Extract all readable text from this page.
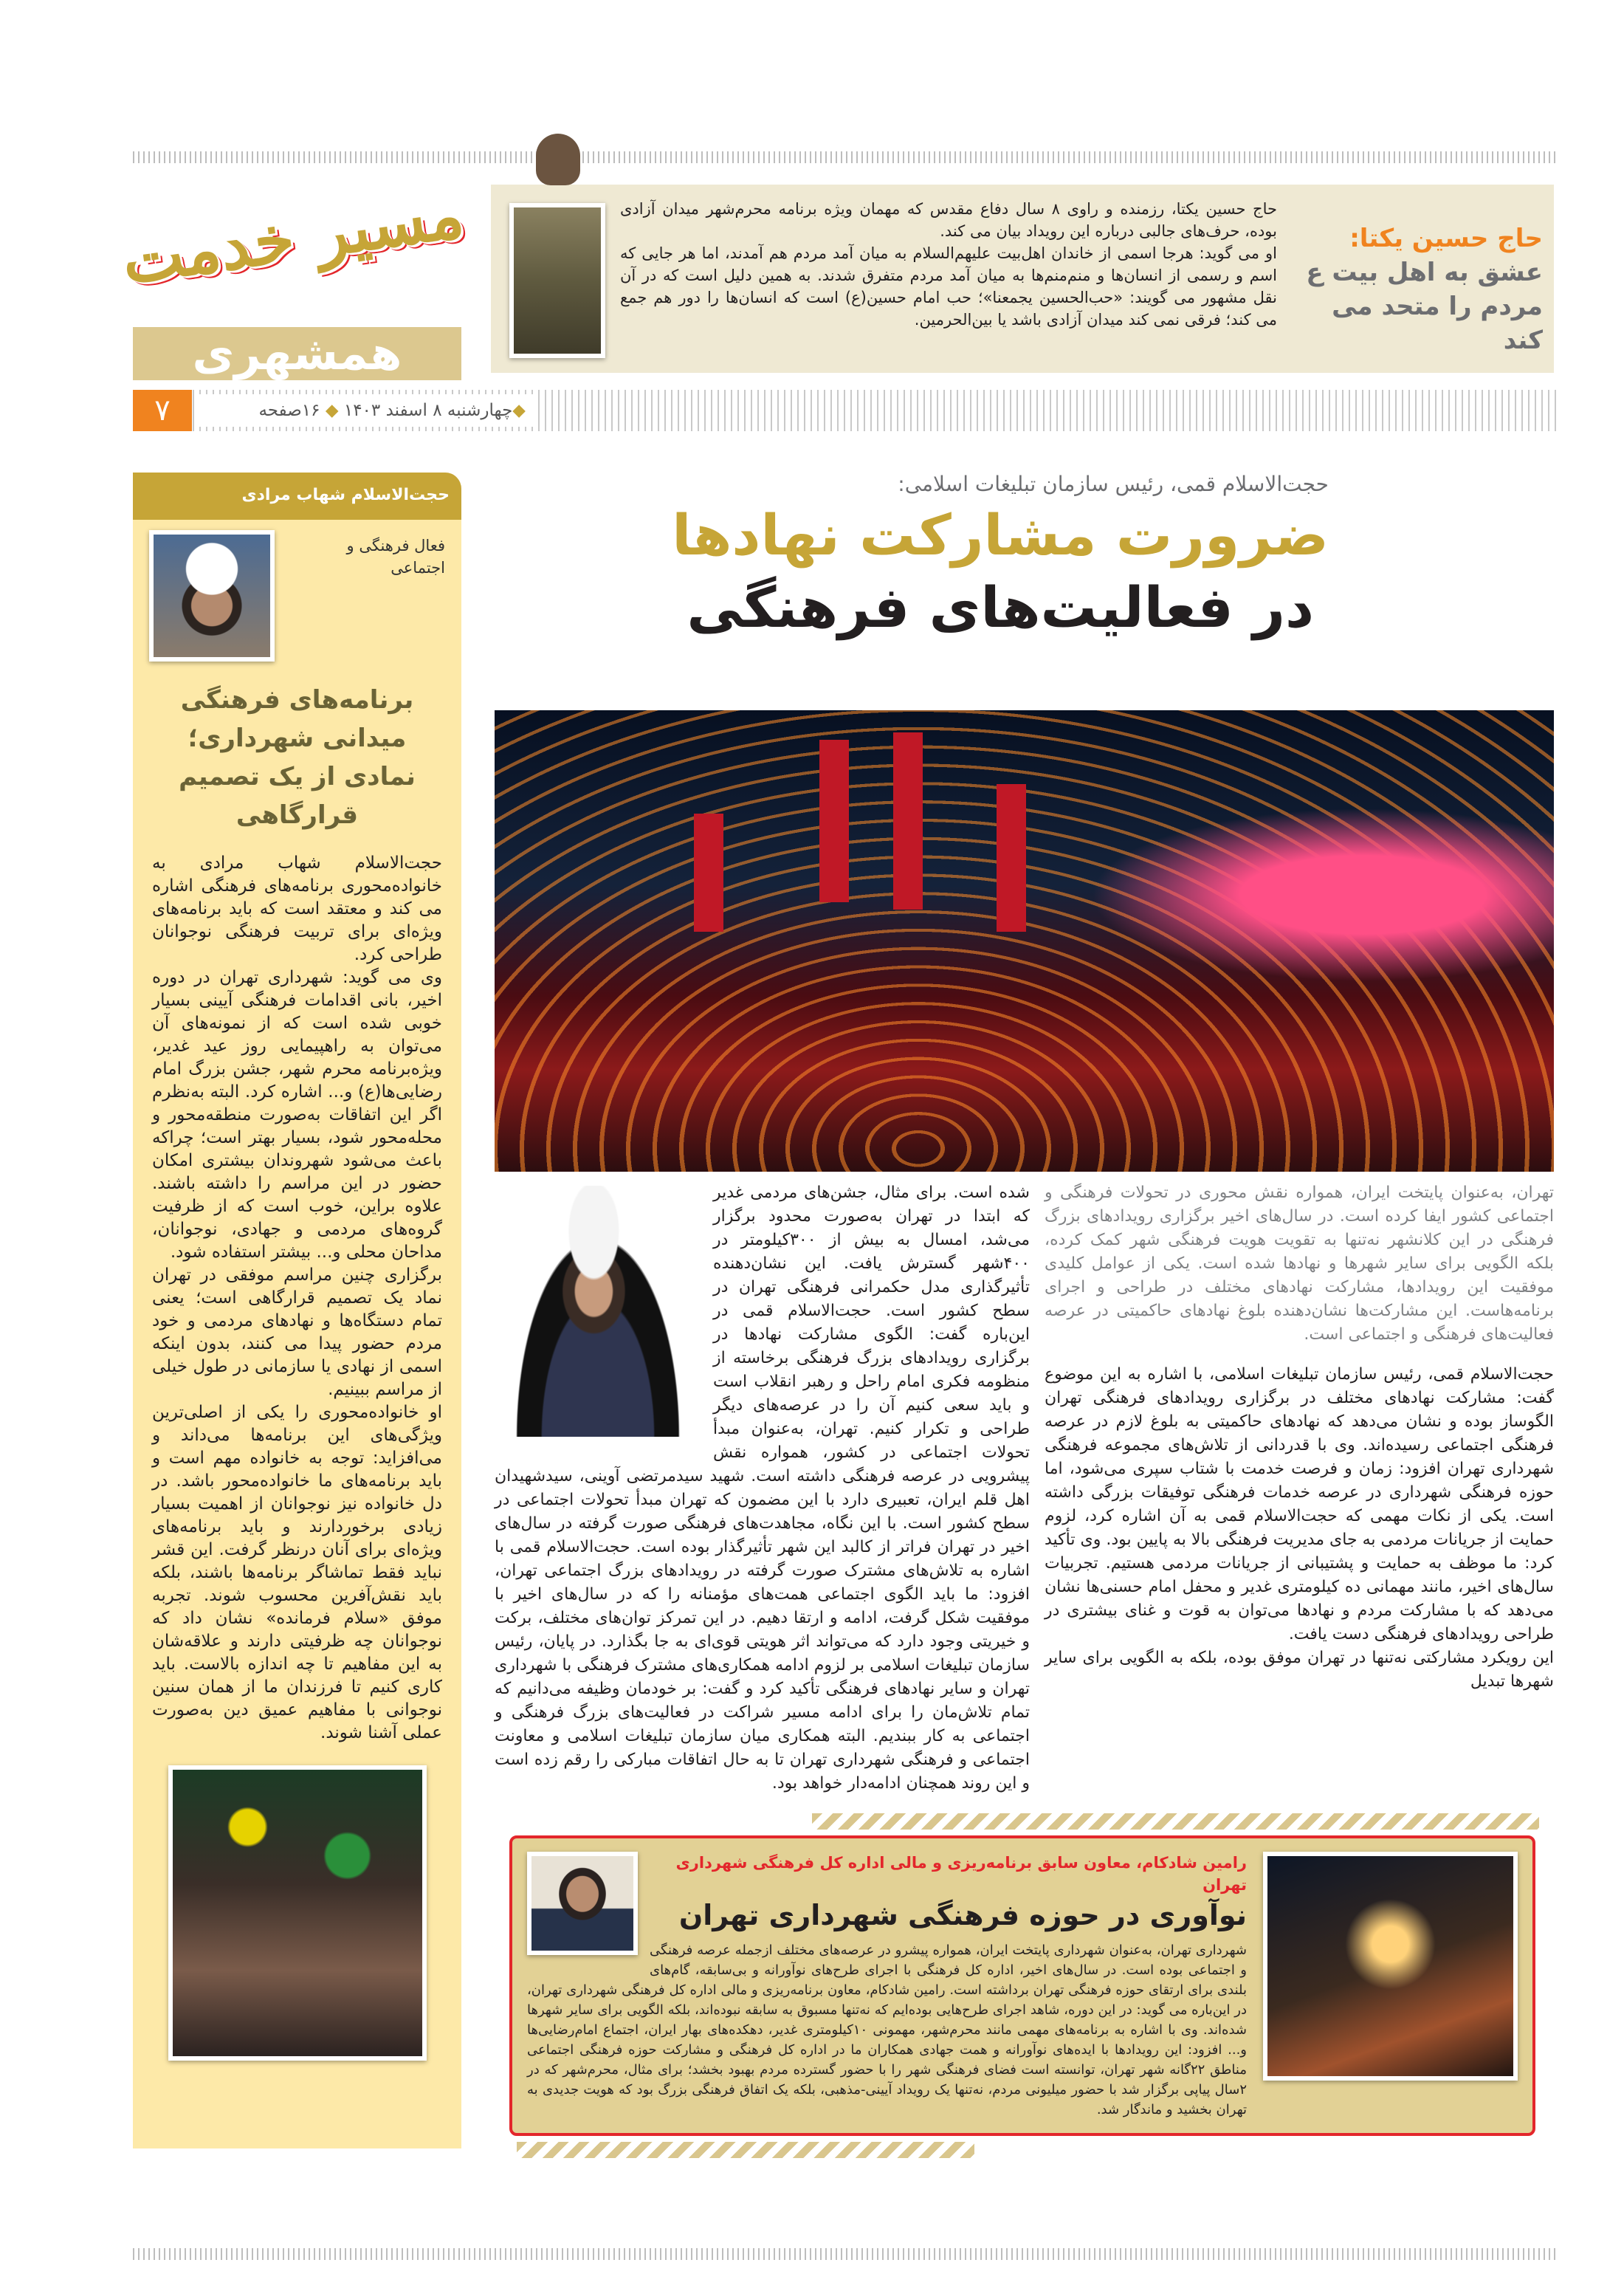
مسیر خدمت
همشهری
۷	◆چهارشنبه ۸ اسفند ۱۴۰۳ ◆ ۱۶صفحه

حاج حسین یکتا، رزمنده و راوی ۸ سال دفاع مقدس که مهمان ویژه برنامه محرم‌شهر میدان آزادی بوده، حرف‌های جالبی درباره این رویداد بیان می کند.

او می گوید: هرجا اسمی از خاندان اهل‌بیت علیهم‌السلام به میان آمد مردم هم آمدند، اما هر جایی که اسم و رسمی از انسان‌ها و منم‌منم‌ها به میان آمد مردم متفرق شدند. به همین دلیل است که در آن نقل مشهور می گویند: «حب‌الحسین یجمعنا»؛ حب امام حسین(ع) است که انسان‌ها را دور هم جمع می کند؛ فرقی نمی کند میدان آزادی باشد یا بین‌الحرمین.

حاج حسین یکتا:
عشق به اهل بیت ع مردم را متحد می کند
حجت‌الاسلام شهاب مرادی
فعال فرهنگی و اجتماعی
برنامه‌های فرهنگی میدانی شهرداری؛ نمادی از یک تصمیم قرارگاهی

حجت‌الاسلام شهاب مرادی به خانواده‌محوری برنامه‌های فرهنگی اشاره می کند و معتقد است که باید برنامه‌های ویژه‌ای برای تربیت فرهنگی نوجوانان طراحی کرد.

وی می گوید: شهرداری تهران در دوره اخیر، بانی اقدامات فرهنگی آیینی بسیار خوبی شده است که از نمونه‌های آن می‌توان به راهپیمایی روز عید غدیر، ویژه‌برنامه محرم شهر، جشن بزرگ امام رضایی‌ها(ع) و... اشاره کرد. البته به‌نظرم اگر این اتفاقات به‌صورت منطقه‌محور و محله‌محور شود، بسیار بهتر است؛ چراکه باعث می‌شود شهروندان بیشتری امکان حضور در این مراسم را داشته باشند. علاوه براین، خوب است که از ظرفیت گروه‌های مردمی و جهادی، نوجوانان، مداحان محلی و... بیشتر استفاده شود.

برگزاری چنین مراسم موفقی در تهران نماد یک تصمیم قرارگاهی است؛ یعنی تمام دستگاه‌ها و نهادهای مردمی و خود مردم حضور پیدا می کنند، بدون اینکه اسمی از نهادی یا سازمانی در طول خیلی از مراسم ببینیم.

او خانواده‌محوری را یکی از اصلی‌ترین ویژگی‌های این برنامه‌ها می‌داند و می‌افزاید: توجه به خانواده مهم است و باید برنامه‌های ما خانواده‌محور باشد. در دل خانواده نیز نوجوانان از اهمیت بسیار زیادی برخوردارند و باید برنامه‌های ویژه‌ای برای آنان درنظر گرفت. این قشر نباید فقط تماشاگر برنامه‌ها باشند، بلکه باید نقش‌آفرین محسوب شوند. تجربه موفق «سلام فرمانده» نشان داد که نوجوانان چه ظرفیتی دارند و علاقه‌شان به این مفاهیم تا چه اندازه بالاست. باید کاری کنیم تا فرزندان ما از همان سنین نوجوانی با مفاهیم عمیق دین به‌صورت عملی آشنا شوند.

حجت‌الاسلام قمی، رئیس سازمان تبلیغات اسلامی:
ضرورت مشارکت نهادها
در فعالیت‌های فرهنگی

تهران، به‌عنوان پایتخت ایران، همواره نقش محوری در تحولات فرهنگی و اجتماعی کشور ایفا کرده است. در سال‌های اخیر برگزاری رویدادهای بزرگ فرهنگی در این کلانشهر نه‌تنها به تقویت هویت فرهنگی شهر کمک کرده، بلکه الگویی برای سایر شهرها و نهادها شده است. یکی از عوامل کلیدی موفقیت این رویدادها، مشارکت نهادهای مختلف در طراحی و اجرای برنامه‌هاست. این مشارکت‌ها نشان‌دهنده بلوغ نهادهای حاکمیتی در عرصه فعالیت‌های فرهنگی و اجتماعی است.

حجت‌الاسلام قمی، رئیس سازمان تبلیغات اسلامی، با اشاره به این موضوع گفت: مشارکت نهادهای مختلف در برگزاری رویدادهای فرهنگی تهران الگوساز بوده و نشان می‌دهد که نهادهای حاکمیتی به بلوغ لازم در عرصه فرهنگی اجتماعی رسیده‌اند. وی با قدردانی از تلاش‌های مجموعه فرهنگی شهرداری تهران افزود: زمان و فرصت خدمت با شتاب سپری می‌شود، اما حوزه فرهنگی شهرداری در عرصه خدمات فرهنگی توفیقات بزرگی داشته است. یکی از نکات مهمی که حجت‌الاسلام قمی به آن اشاره کرد، لزوم حمایت از جریانات مردمی به جای مدیریت فرهنگی بالا به پایین بود. وی تأکید کرد: ما موظف به حمایت و پشتیبانی از جریانات مردمی هستیم. تجربیات سال‌های اخیر، مانند مهمانی ده کیلومتری غدیر و محفل امام حسنی‌ها نشان می‌دهد که با مشارکت مردم و نهادها می‌توان به قوت و غنای بیشتری در طراحی رویدادهای فرهنگی دست یافت.

این رویکرد مشارکتی نه‌تنها در تهران موفق بوده، بلکه به الگویی برای سایر شهرها تبدیل

شده است. برای مثال، جشن‌های مردمی غدیر که ابتدا در تهران به‌صورت محدود برگزار می‌شد، امسال به بیش از ۳۰۰کیلومتر در ۴۰۰شهر گسترش یافت. این نشان‌دهنده تأثیرگذاری مدل حکمرانی فرهنگی تهران در سطح کشور است. حجت‌الاسلام قمی در این‌باره گفت: الگوی مشارکت نهادها در برگزاری رویدادهای بزرگ فرهنگی برخاسته از منظومه فکری امام راحل و رهبر انقلاب است و باید سعی کنیم آن را در عرصه‌های دیگر طراحی و تکرار کنیم. تهران، به‌عنوان مبدأ تحولات اجتماعی در کشور، همواره نقش پیشرویی در عرصه فرهنگی داشته است. شهید سیدمرتضی آوینی، سیدشهیدان اهل قلم ایران، تعبیری دارد با این مضمون که تهران مبدأ تحولات اجتماعی در سطح کشور است. با این نگاه، مجاهدت‌های فرهنگی صورت گرفته در سال‌های اخیر در تهران فراتر از کالبد این شهر تأثیرگذار بوده است. حجت‌الاسلام قمی با اشاره به تلاش‌های مشترک صورت گرفته در رویدادهای بزرگ اجتماعی تهران، افزود: ما باید الگوی اجتماعی همت‌های مؤمنانه را که در سال‌های اخیر با موفقیت شکل گرفت، ادامه و ارتقا دهیم. در این تمرکز توان‌های مختلف، برکت و خیریتی وجود دارد که می‌تواند اثر هویتی قوی‌ای به جا بگذارد. در پایان، رئیس سازمان تبلیغات اسلامی بر لزوم ادامه همکاری‌های مشترک فرهنگی با شهرداری تهران و سایر نهادهای فرهنگی تأکید کرد و گفت: بر خودمان وظیفه می‌دانیم که تمام تلاش‌مان را برای ادامه مسیر شراکت در فعالیت‌های بزرگ فرهنگی و اجتماعی به کار ببندیم. البته همکاری میان سازمان تبلیغات اسلامی و معاونت اجتماعی و فرهنگی شهرداری تهران تا به حال اتفاقات مبارکی را رقم زده است و این روند همچنان ادامه‌دار خواهد بود.

رامین شادکام، معاون سابق برنامه‌ریزی و مالی اداره کل فرهنگی شهرداری تهران
نوآوری در حوزه فرهنگی شهرداری تهران

شهرداری تهران، به‌عنوان شهرداری پایتخت ایران، همواره پیشرو در عرصه‌های مختلف ازجمله عرصه فرهنگی و اجتماعی بوده است. در سال‌های اخیر، اداره کل فرهنگی با اجرای طرح‌های نوآورانه و بی‌سابقه، گام‌های بلندی برای ارتقای حوزه فرهنگی تهران برداشته است. رامین شادکام، معاون برنامه‌ریزی و مالی اداره کل فرهنگی شهرداری تهران، در این‌باره می گوید: در این دوره، شاهد اجرای طرح‌هایی بوده‌ایم که نه‌تنها مسبوق به سابقه نبوده‌اند، بلکه الگویی برای سایر شهرها شده‌اند. وی با اشاره به برنامه‌های مهمی مانند محرم‌شهر، مهمونی ۱۰کیلومتری غدیر، دهکده‌های بهار ایران، اجتماع امام‌رضایی‌ها و... افزود: این رویدادها با ایده‌های نوآورانه و همت جهادی همکاران ما در اداره کل فرهنگی و مشارکت حوزه فرهنگی اجتماعی مناطق ۲۲گانه شهر تهران، توانسته است فضای فرهنگی شهر را با حضور گسترده مردم بهبود بخشد؛ برای مثال، محرم‌شهر که در ۲سال پیاپی برگزار شد با حضور میلیونی مردم، نه‌تنها یک رویداد آیینی-مذهبی، بلکه یک اتفاق فرهنگی بزرگ بود که هویت جدیدی به تهران بخشید و ماندگار شد.
